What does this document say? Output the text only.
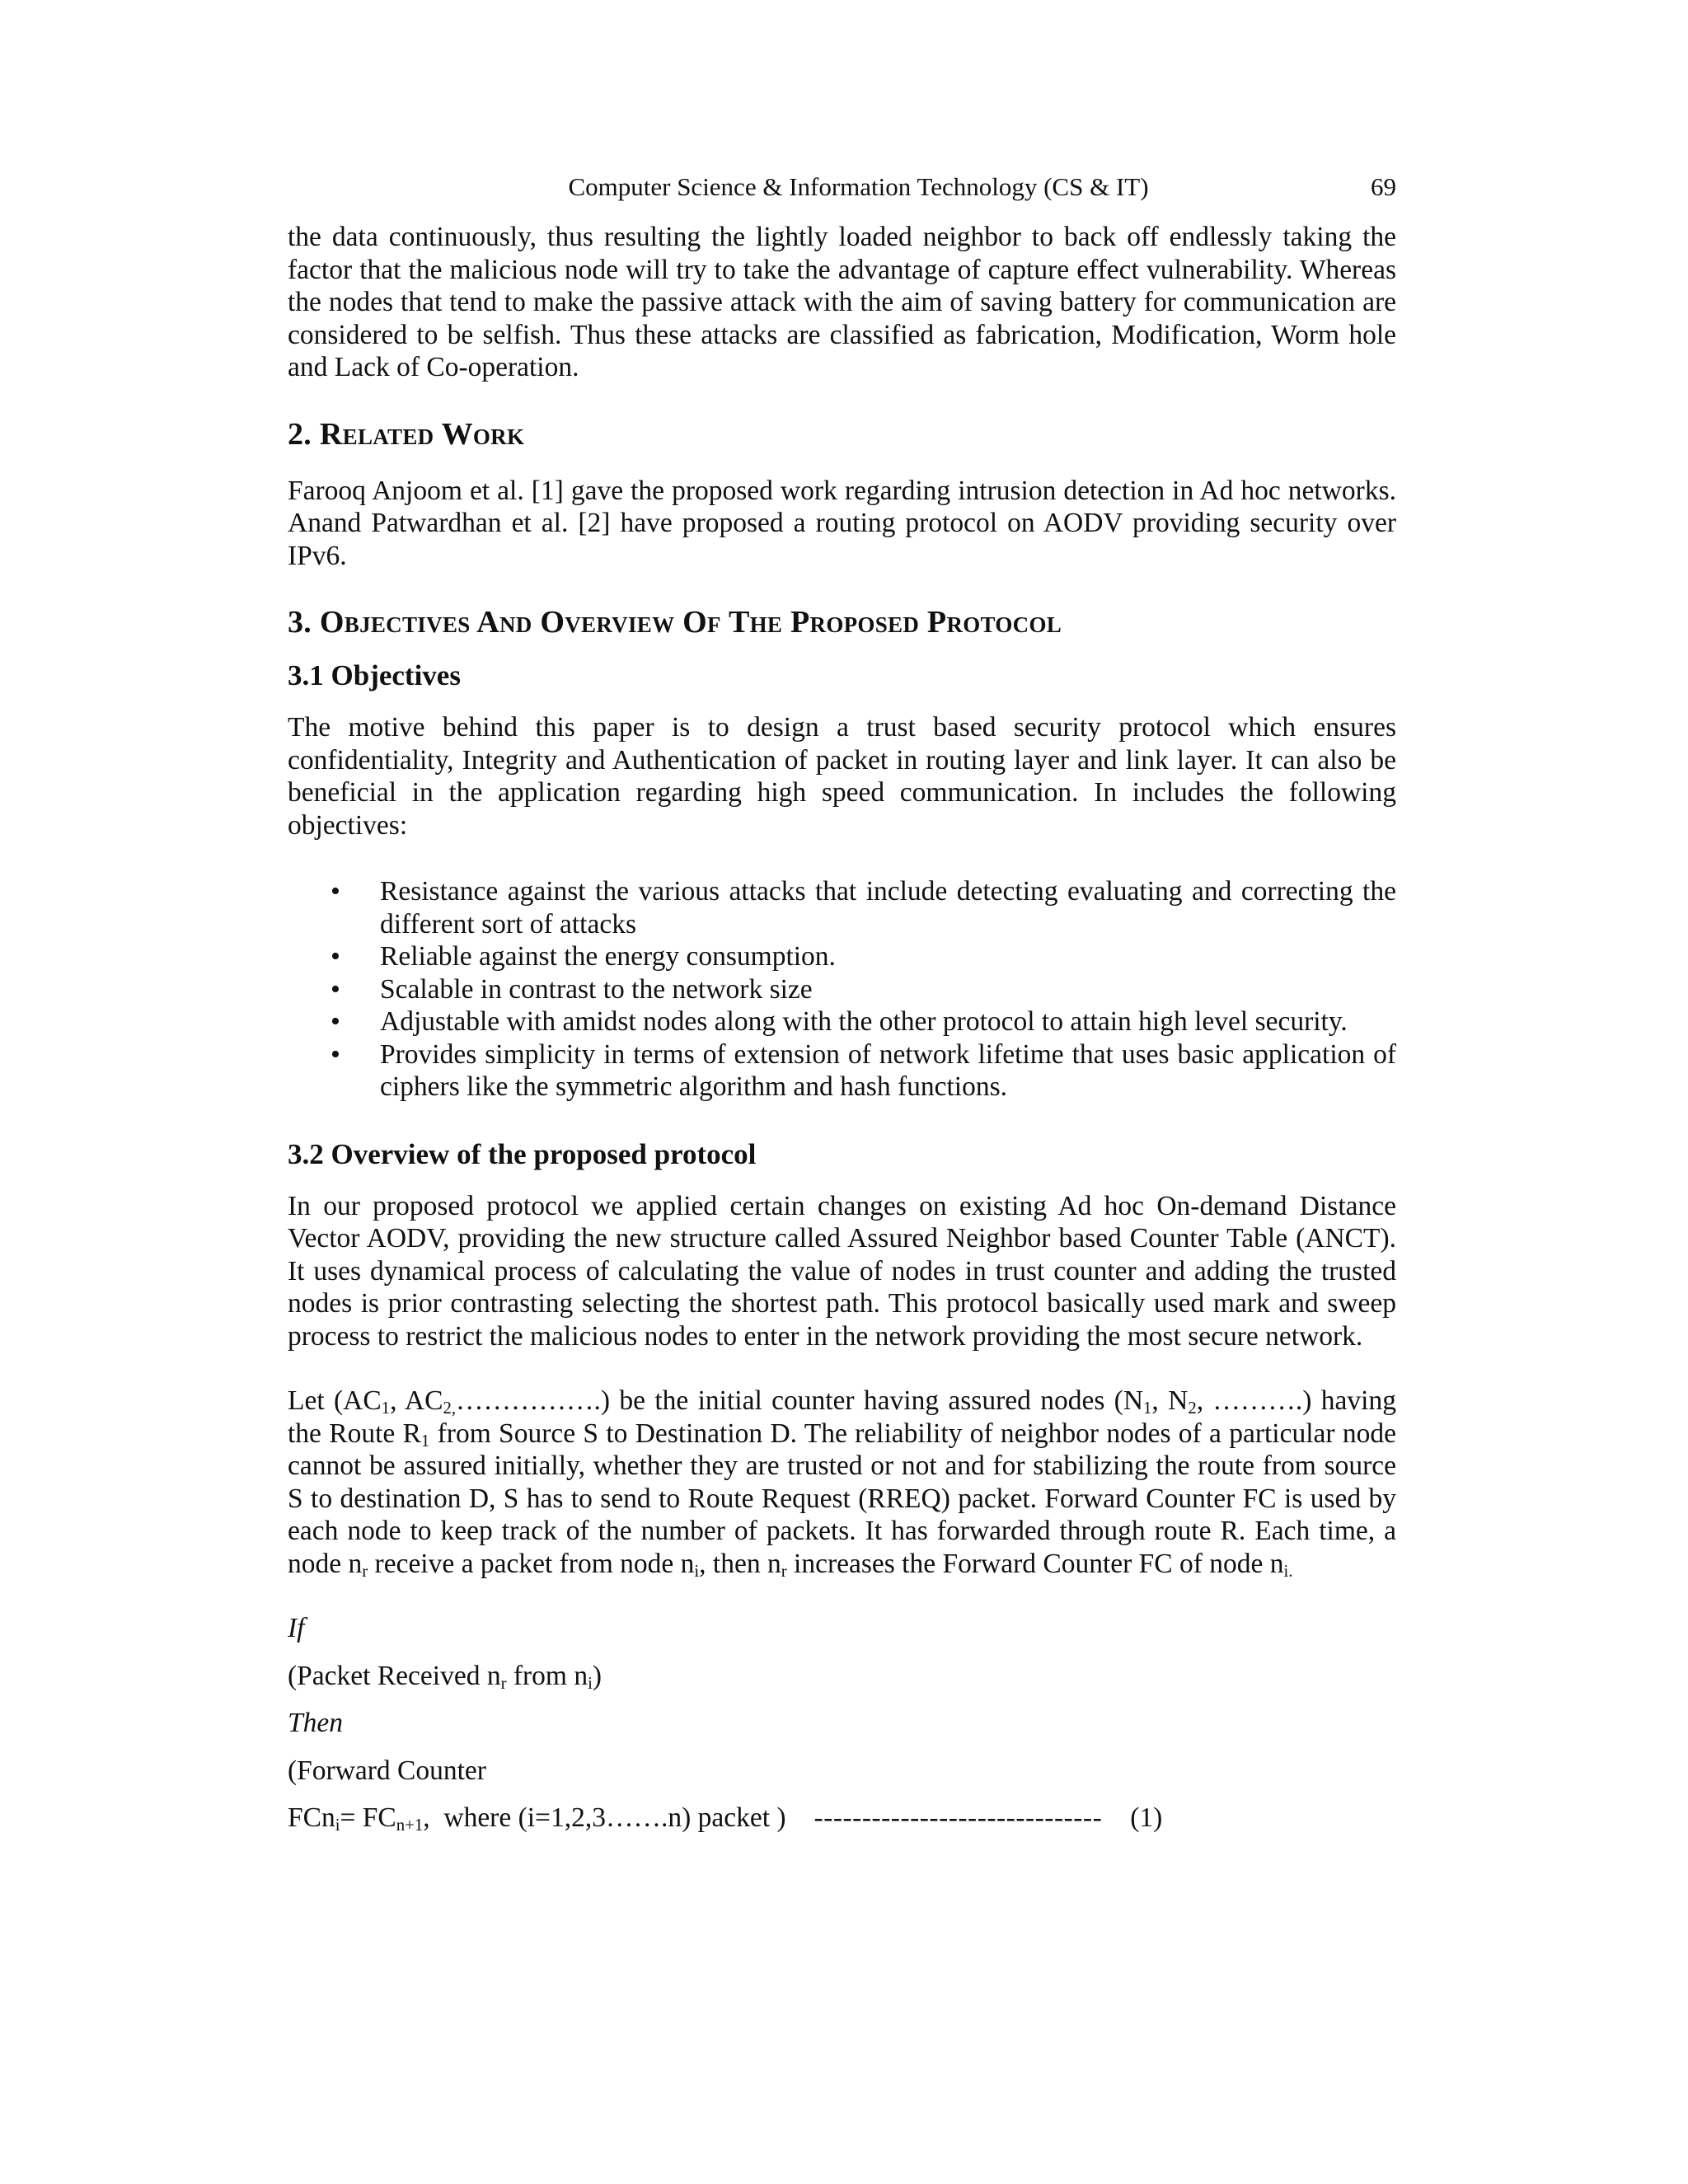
Computer Science & Information Technology (CS & IT)	69

the data continuously, thus resulting the lightly loaded neighbor to back off endlessly taking the factor that the malicious node will try to take the advantage of capture effect vulnerability. Whereas the nodes that tend to make the passive attack with the aim of saving battery for communication are considered to be selfish. Thus these attacks are classified as fabrication, Modification, Worm hole and Lack of Co-operation.

2. Related Work

Farooq Anjoom et al. [1] gave the proposed work regarding intrusion detection in Ad hoc networks. Anand Patwardhan et al. [2] have proposed a routing protocol on AODV providing security over IPv6.

3. Objectives And Overview Of The Proposed Protocol
3.1 Objectives

The motive behind this paper is to design a trust based security protocol which ensures confidentiality, Integrity and Authentication of packet in routing layer and link layer. It can also be beneficial in the application regarding high speed communication. In includes the following objectives:

• Resistance against the various attacks that include detecting evaluating and correcting the different sort of attacks
• Reliable against the energy consumption.
• Scalable in contrast to the network size
• Adjustable with amidst nodes along with the other protocol to attain high level security.
• Provides simplicity in terms of extension of network lifetime that uses basic application of ciphers like the symmetric algorithm and hash functions.
3.2 Overview of the proposed protocol

In our proposed protocol we applied certain changes on existing Ad hoc On-demand Distance Vector AODV, providing the new structure called Assured Neighbor based Counter Table (ANCT). It uses dynamical process of calculating the value of nodes in trust counter and adding the trusted nodes is prior contrasting selecting the shortest path. This protocol basically used mark and sweep process to restrict the malicious nodes to enter in the network providing the most secure network.

Let ($AC_1$, $AC_{2,}\dots\dots\dots\dots\dots$.) be the initial counter having assured nodes ($N_1$, $N_2$, ……….) having the Route $R_1$ from Source S to Destination D. The reliability of neighbor nodes of a particular node cannot be assured initially, whether they are trusted or not and for stabilizing the route from source S to destination D, S has to send to Route Request (RREQ) packet. Forward Counter FC is used by each node to keep track of the number of packets. It has forwarded through route R. Each time, a node $n_r$ receive a packet from node $n_i$, then $n_r$ increases the Forward Counter FC of node $n_{i.}$

If

(Packet Received $n_r$ from $n_i$)

Then

(Forward Counter

$FCn_i= FC_{n+1}$,  where (i=1,2,3…….n) packet ) ------------------------------ (1)
